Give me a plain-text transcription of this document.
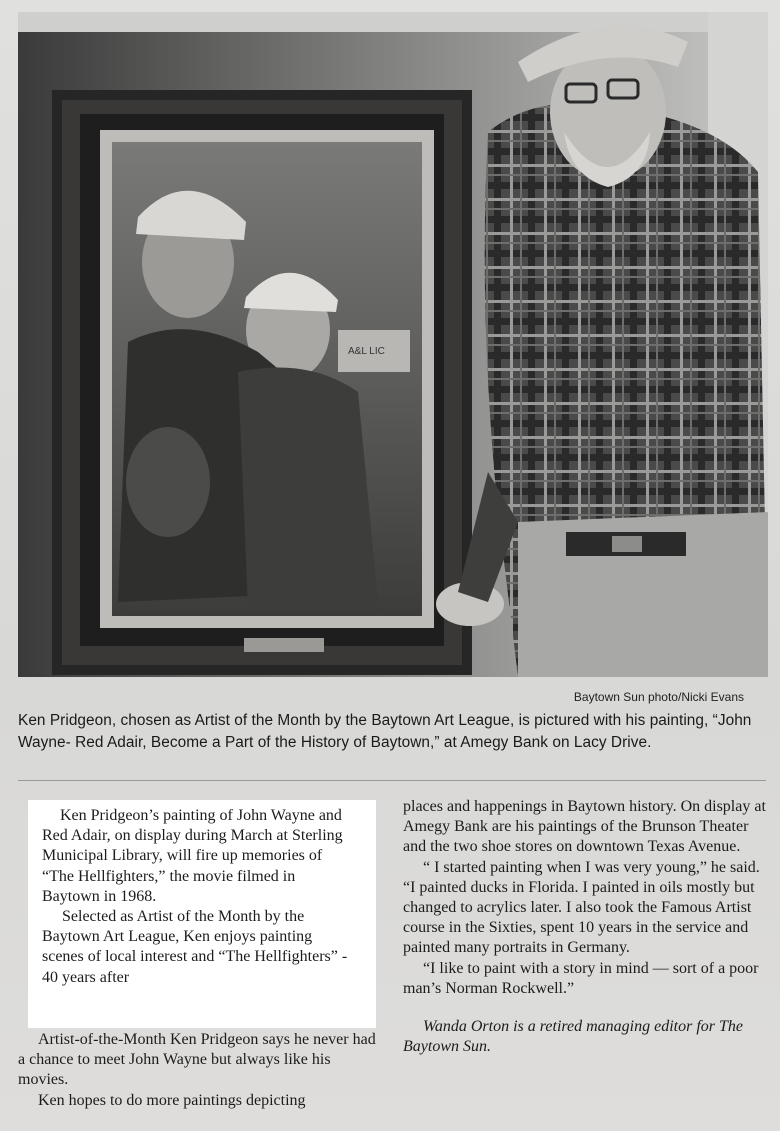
A&L LIC
Baytown Sun photo/Nicki Evans
Ken Pridgeon, chosen as Artist of the Month by the Baytown Art League, is pictured with his painting, “John Wayne- Red Adair, Become a Part of the History of Baytown,” at Amegy Bank on Lacy Drive.

Ken Pridgeon’s painting of John Wayne and Red Adair, on display during March at Sterling Municipal Library, will fire up memories of “The Hellfighters,” the movie filmed in Baytown in 1968.

Selected as Artist of the Month by the Baytown Art League, Ken enjoys painting scenes of local interest and “The Hellfighters” - 40 years after

Artist-of-the-Month Ken Pridgeon says he never had a chance to meet John Wayne but always like his movies.

Ken hopes to do more paintings depicting

places and happenings in Baytown history. On display at Amegy Bank are his paintings of the Brunson Theater and the two shoe stores on downtown Texas Avenue.

“ I started painting when I was very young,” he said. “I painted ducks in Florida. I painted in oils mostly but changed to acrylics later. I also took the Famous Artist course in the Sixties, spent 10 years in the service and painted many portraits in Germany.

“I like to paint with a story in mind — sort of a poor man’s Norman Rockwell.”

Wanda Orton is a retired managing editor for The Baytown Sun.
